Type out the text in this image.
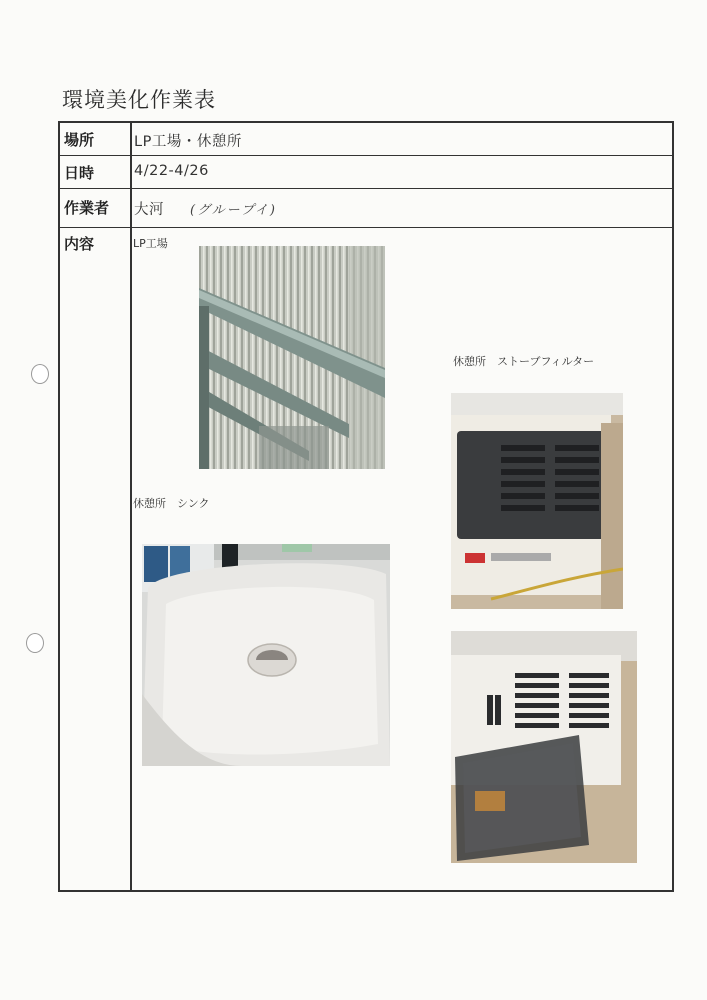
環境美化作業表
場所	LP工場・休憩所
日時	4/22-4/26
作業者 大河 (グループイ)
内容	LP工場
休憩所　シンク
休憩所　ストーブフィルター
